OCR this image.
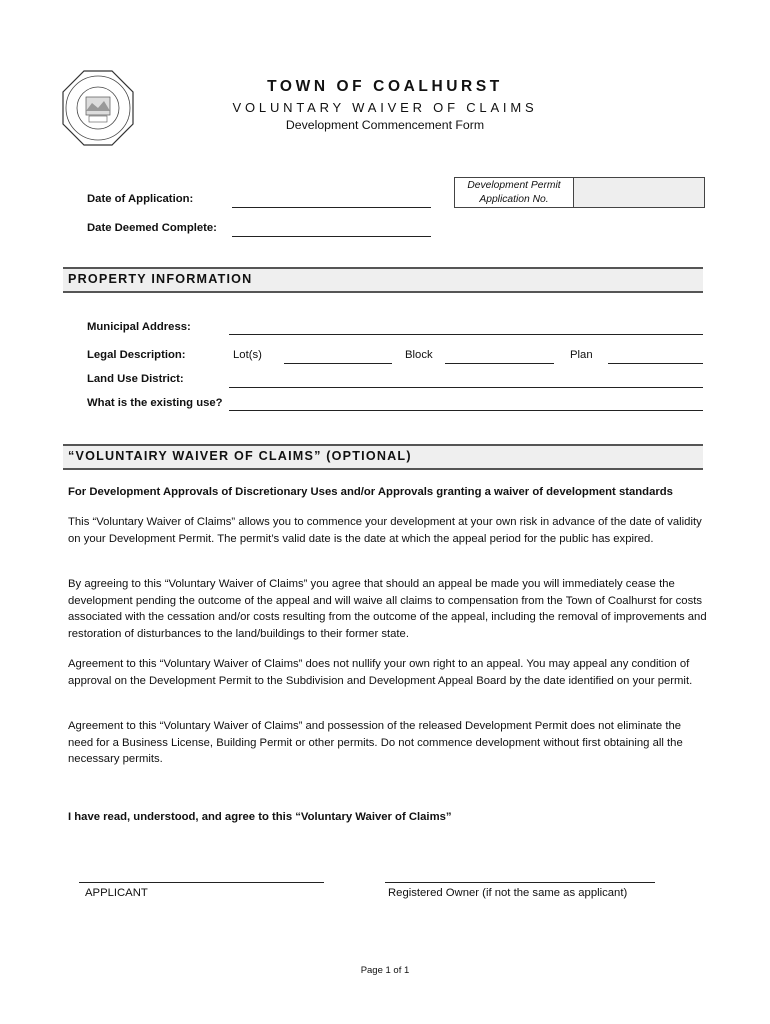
TOWN OF COALHURST
VOLUNTARY WAIVER OF CLAIMS
Development Commencement Form
Date of Application:
Date Deemed Complete:
Development Permit
Application No.
PROPERTY INFORMATION
Municipal Address:
Legal Description:	Lot(s)	Block	Plan
Land Use District:
What is the existing use?
“VOLUNTAIRY WAIVER OF CLAIMS” (OPTIONAL)
For Development Approvals of Discretionary Uses and/or Approvals granting a waiver of development standards

This “Voluntary Waiver of Claims” allows you to commence your development at your own risk in advance of the date of validity on your Development Permit. The permit’s valid date is the date at which the appeal period for the public has expired.

By agreeing to this “Voluntary Waiver of Claims” you agree that should an appeal be made you will immediately cease the development pending the outcome of the appeal and will waive all claims to compensation from the Town of Coalhurst for costs associated with the cessation and/or costs resulting from the outcome of the appeal, including the removal of improvements and restoration of disturbances to the land/buildings to their former state.

Agreement to this “Voluntary Waiver of Claims” does not nullify your own right to an appeal. You may appeal any condition of approval on the Development Permit to the Subdivision and Development Appeal Board by the date identified on your permit.

Agreement to this “Voluntary Waiver of Claims” and possession of the released Development Permit does not eliminate the need for a Business License, Building Permit or other permits. Do not commence development without first obtaining all the necessary permits.

I have read, understood, and agree to this “Voluntary Waiver of Claims”
APPLICANT	Registered Owner (if not the same as applicant)
Page 1 of 1
